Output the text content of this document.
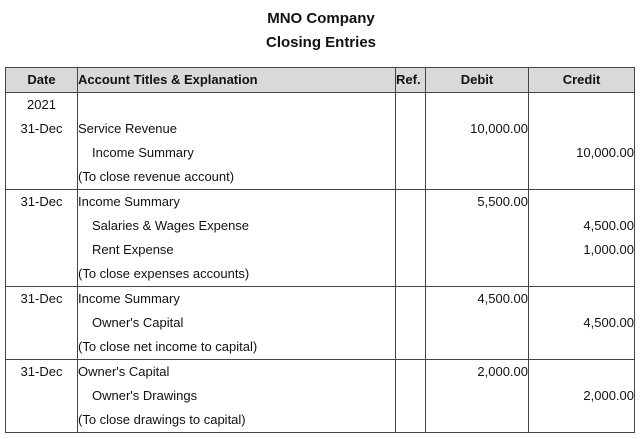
MNO Company
Closing Entries
Date	Account Titles & Explanation	Ref.	Debit	Credit
2021				
31-Dec	Service Revenue		10,000.00	
	Income Summary			10,000.00
	(To close revenue account)			
31-Dec	Income Summary		5,500.00	
	Salaries & Wages Expense			4,500.00
	Rent Expense			1,000.00
	(To close expenses accounts)			
31-Dec	Income Summary		4,500.00	
	Owner's Capital			4,500.00
	(To close net income to capital)			
31-Dec	Owner's Capital		2,000.00	
	Owner's Drawings			2,000.00
	(To close drawings to capital)			
